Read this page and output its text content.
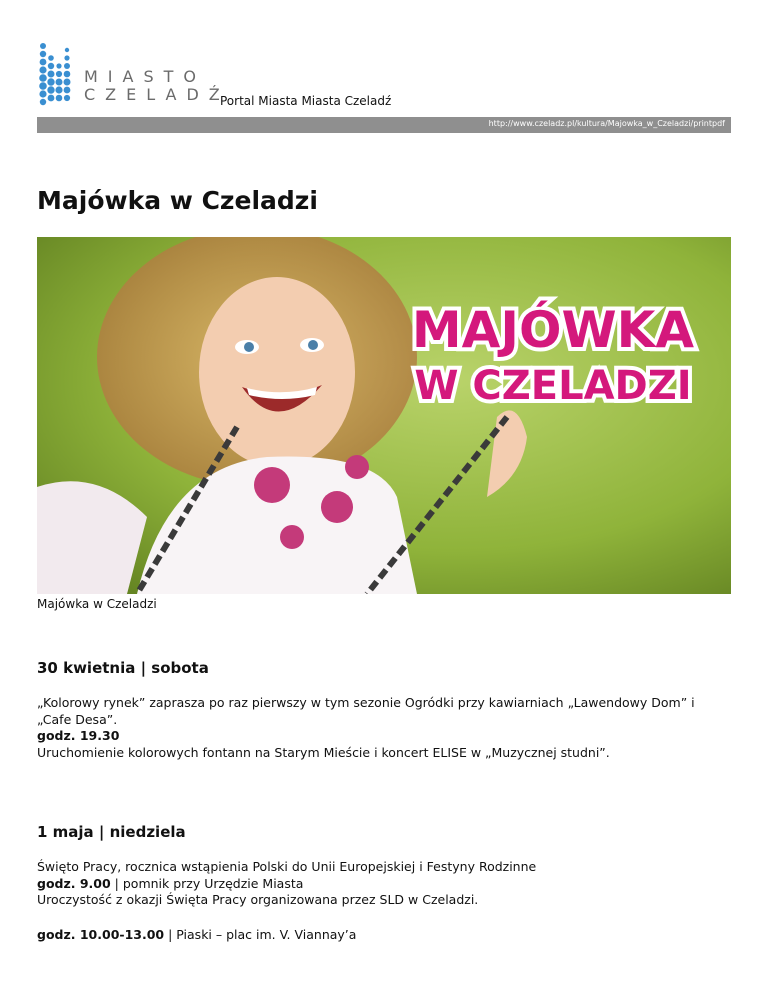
MIASTO
CZELADŹ
Portal Miasta Miasta Czeladź
http://www.czeladz.pl/kultura/Majowka_w_Czeladzi/printpdf
Majówka w Czeladzi
MAJÓWKA
W CZELADZI
Majówka w Czeladzi
30 kwietnia | sobota

„Kolorowy rynek” zaprasza po raz pierwszy w tym sezonie Ogródki przy kawiarniach „Lawendowy Dom” i „Cafe Desa”.

godz. 19.30

Uruchomienie kolorowych fontann na Starym Mieście i koncert ELISE w „Muzycznej studni”.

1 maja | niedziela

Święto Pracy, rocznica wstąpienia Polski do Unii Europejskiej i Festyny Rodzinne

godz. 9.00 | pomnik przy Urzędzie Miasta

Uroczystość z okazji Święta Pracy organizowana przez SLD w Czeladzi.

godz. 10.00-13.00 | Piaski – plac im. V. Viannay’a
